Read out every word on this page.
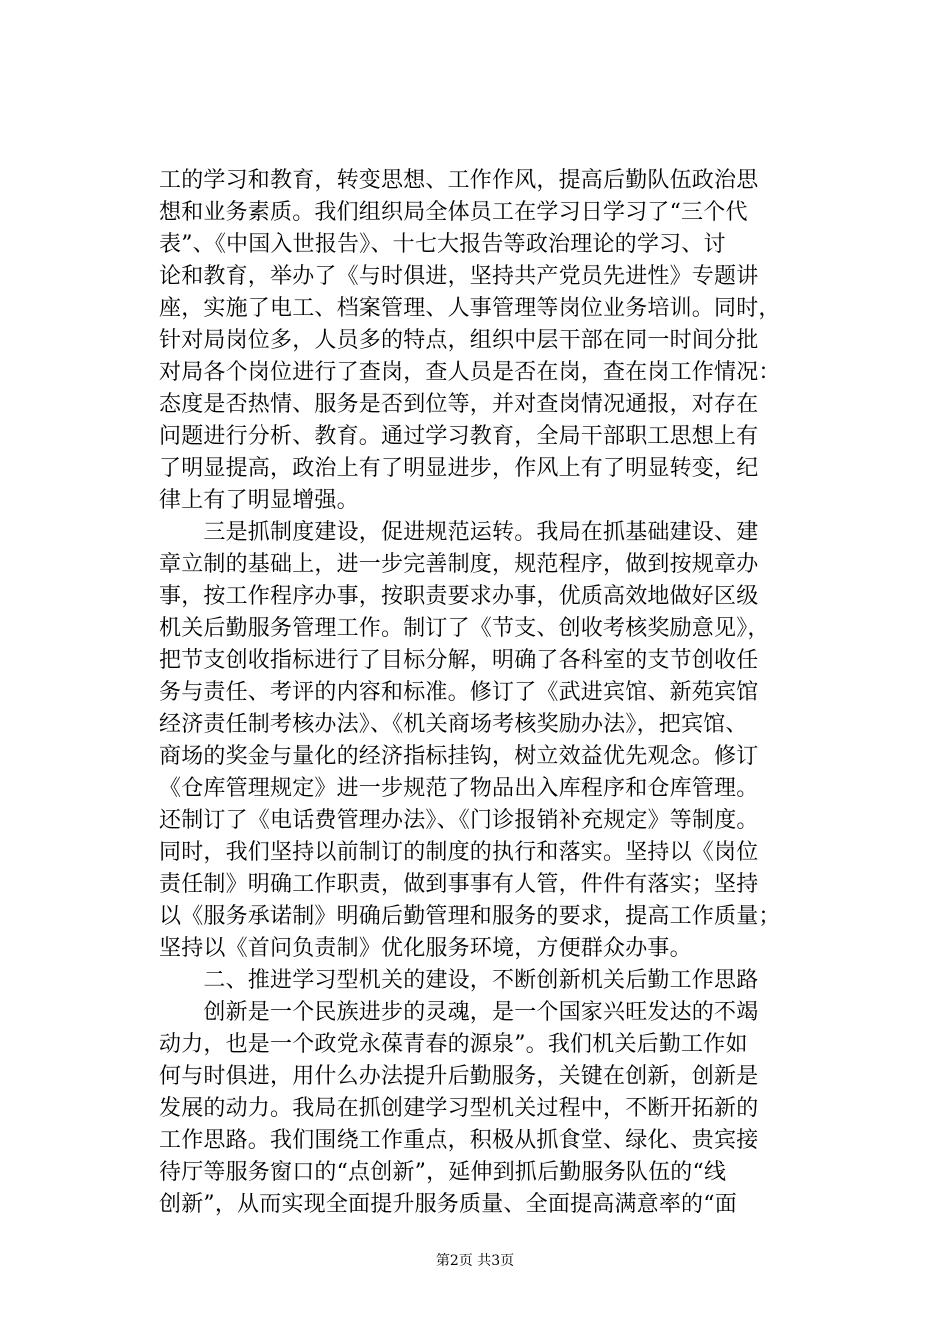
工的学习和教育，转变思想、工作作风，提高后勤队伍政治思
想和业务素质。我们组织局全体员工在学习日学习了“三个代
表”、《中国入世报告》、十七大报告等政治理论的学习、讨
论和教育，举办了《与时俱进，坚持共产党员先进性》专题讲
座，实施了电工、档案管理、人事管理等岗位业务培训。同时，
针对局岗位多，人员多的特点，组织中层干部在同一时间分批
对局各个岗位进行了查岗，查人员是否在岗，查在岗工作情况：
态度是否热情、服务是否到位等，并对查岗情况通报，对存在
问题进行分析、教育。通过学习教育，全局干部职工思想上有
了明显提高，政治上有了明显进步，作风上有了明显转变，纪
律上有了明显增强。
　　三是抓制度建设，促进规范运转。我局在抓基础建设、建
章立制的基础上，进一步完善制度，规范程序，做到按规章办
事，按工作程序办事，按职责要求办事，优质高效地做好区级
机关后勤服务管理工作。制订了《节支、创收考核奖励意见》，
把节支创收指标进行了目标分解，明确了各科室的支节创收任
务与责任、考评的内容和标准。修订了《武进宾馆、新苑宾馆
经济责任制考核办法》、《机关商场考核奖励办法》，把宾馆、
商场的奖金与量化的经济指标挂钩，树立效益优先观念。修订
《仓库管理规定》进一步规范了物品出入库程序和仓库管理。
还制订了《电话费管理办法》、《门诊报销补充规定》等制度。
同时，我们坚持以前制订的制度的执行和落实。坚持以《岗位
责任制》明确工作职责，做到事事有人管，件件有落实；坚持
以《服务承诺制》明确后勤管理和服务的要求，提高工作质量；
坚持以《首问负责制》优化服务环境，方便群众办事。
　　二、推进学习型机关的建设，不断创新机关后勤工作思路
　　创新是一个民族进步的灵魂，是一个国家兴旺发达的不竭
动力，也是一个政党永葆青春的源泉”。我们机关后勤工作如
何与时俱进，用什么办法提升后勤服务，关键在创新，创新是
发展的动力。我局在抓创建学习型机关过程中，不断开拓新的
工作思路。我们围绕工作重点，积极从抓食堂、绿化、贵宾接
待厅等服务窗口的“点创新”，延伸到抓后勤服务队伍的“线
创新”，从而实现全面提升服务质量、全面提高满意率的“面
第2页 共3页
